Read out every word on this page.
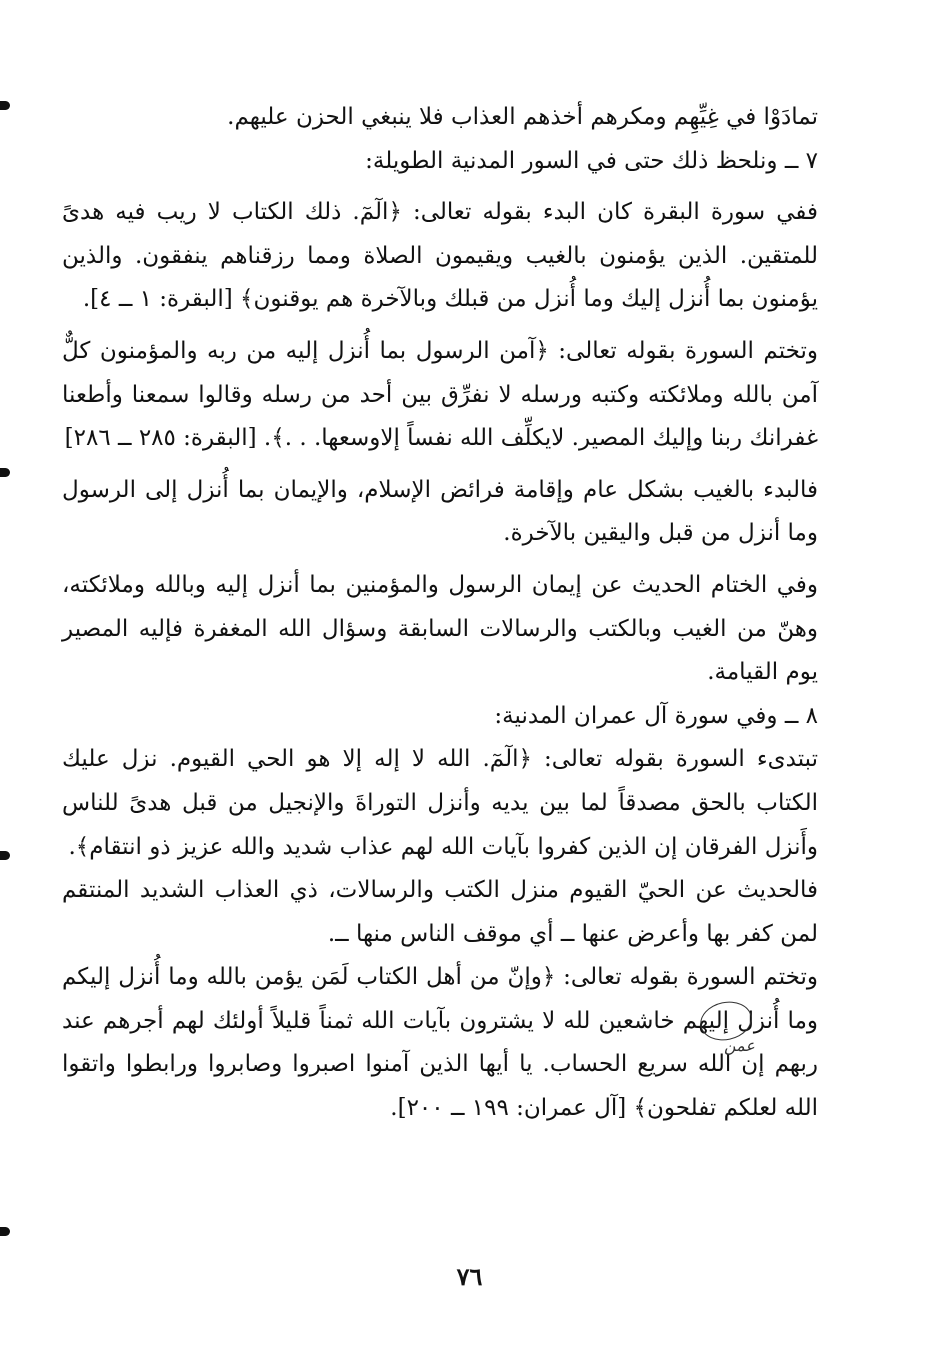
تمادَوْا في غِيِّهِم ومكرهم أخذهم العذاب فلا ينبغي الحزن عليهم.

٧ ــ ونلحظ ذلك حتى في السور المدنية الطويلة:

ففي سورة البقرة كان البدء بقوله تعالى: ﴿الٓمٓ. ذلك الكتاب لا ريب فيه هدىً للمتقين. الذين يؤمنون بالغيب ويقيمون الصلاة ومما رزقناهم ينفقون. والذين يؤمنون بما أُنزل إليك وما أُنزل من قبلك وبالآخرة هم يوقنون﴾ [البقرة: ١ ــ ٤].

وتختم السورة بقوله تعالى: ﴿آمن الرسول بما أُنزل إليه من ربه والمؤمنون كلٌّ آمن بالله وملائكته وكتبه ورسله لا نفرِّق بين أحد من رسله وقالوا سمعنا وأطعنا غفرانك ربنا وإليك المصير. لايكلِّف الله نفساً إلاوسعها. . .﴾. [البقرة: ٢٨٥ ــ ٢٨٦]

فالبدء بالغيب بشكل عام وإقامة فرائض الإسلام، والإيمان بما أُنزل إلى الرسول وما أنزل من قبل واليقين بالآخرة.

وفي الختام الحديث عن إيمان الرسول والمؤمنين بما أنزل إليه وبالله وملائكته، وهنّ من الغيب وبالكتب والرسالات السابقة وسؤال الله المغفرة فإليه المصير يوم القيامة.

٨ ــ وفي سورة آل عمران المدنية:

تبتدىء السورة بقوله تعالى: ﴿الٓمٓ. الله لا إله إلا هو الحي القيوم. نزل عليك الكتاب بالحق مصدقاً لما بين يديه وأنزل التوراةَ والإنجيل من قبل هدىً للناس وأَنزل الفرقان إن الذين كفروا بآيات الله لهم عذاب شديد والله عزيز ذو انتقام﴾.

فالحديث عن الحيّ القيوم منزل الكتب والرسالات، ذي العذاب الشديد المنتقم لمن كفر بها وأعرض عنها ــ أي موقف الناس منها ــ.

وتختم السورة بقوله تعالى: ﴿وإنّ من أهل الكتاب لَمَن يؤمن بالله وما أُنزل إليكم وما أُنزل إليهم خاشعين لله لا يشترون بآيات الله ثمناً قليلاً أولئك لهم أجرهم عند ربهم إن الله سريع الحساب. يا أيها الذين آمنوا اصبروا وصابروا ورابطوا واتقوا الله لعلكم تفلحون﴾ [آل عمران: ١٩٩ ــ ٢٠٠].

عمن
٧٦
